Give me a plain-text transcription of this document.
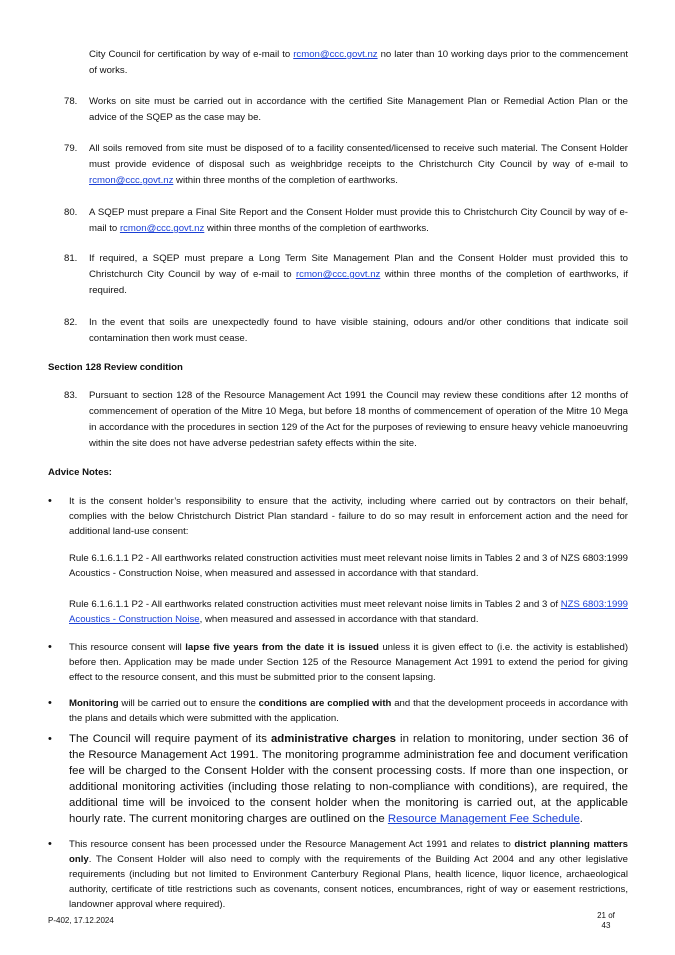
City Council for certification by way of e-mail to rcmon@ccc.govt.nz no later than 10 working days prior to the commencement of works.

78.	Works on site must be carried out in accordance with the certified Site Management Plan or Remedial Action Plan or the advice of the SQEP as the case may be.

79.	All soils removed from site must be disposed of to a facility consented/licensed to receive such material. The Consent Holder must provide evidence of disposal such as weighbridge receipts to the Christchurch City Council by way of e-mail to rcmon@ccc.govt.nz within three months of the completion of earthworks.

80.	A SQEP must prepare a Final Site Report and the Consent Holder must provide this to Christchurch City Council by way of e-mail to rcmon@ccc.govt.nz within three months of the completion of earthworks.

81.	If required, a SQEP must prepare a Long Term Site Management Plan and the Consent Holder must provided this to Christchurch City Council by way of e-mail to rcmon@ccc.govt.nz within three months of the completion of earthworks, if required.

82.	In the event that soils are unexpectedly found to have visible staining, odours and/or other conditions that indicate soil contamination then work must cease.

Section 128 Review condition
83.	Pursuant to section 128 of the Resource Management Act 1991 the Council may review these conditions after 12 months of commencement of operation of the Mitre 10 Mega, but before 18 months of commencement of operation of the Mitre 10 Mega in accordance with the procedures in section 129 of the Act for the purposes of reviewing to ensure heavy vehicle manoeuvring within the site does not have adverse pedestrian safety effects within the site.

Advice Notes:
• It is the consent holder’s responsibility to ensure that the activity, including where carried out by contractors on their behalf, complies with the below Christchurch District Plan standard - failure to do so may result in enforcement action and the need for additional land-use consent:

Rule 6.1.6.1.1 P2 - All earthworks related construction activities must meet relevant noise limits in Tables 2 and 3 of NZS 6803:1999 Acoustics - Construction Noise, when measured and assessed in accordance with that standard.

Rule 6.1.6.1.1 P2 - All earthworks related construction activities must meet relevant noise limits in Tables 2 and 3 of NZS 6803:1999 Acoustics - Construction Noise, when measured and assessed in accordance with that standard.

• This resource consent will lapse five years from the date it is issued unless it is given effect to (i.e. the activity is established) before then. Application may be made under Section 125 of the Resource Management Act 1991 to extend the period for giving effect to the resource consent, and this must be submitted prior to the consent lapsing.

• Monitoring will be carried out to ensure the conditions are complied with and that the development proceeds in accordance with the plans and details which were submitted with the application.

• The Council will require payment of its administrative charges in relation to monitoring, under section 36 of the Resource Management Act 1991. The monitoring programme administration fee and document verification fee will be charged to the Consent Holder with the consent processing costs. If more than one inspection, or additional monitoring activities (including those relating to non-compliance with conditions), are required, the additional time will be invoiced to the consent holder when the monitoring is carried out, at the applicable hourly rate. The current monitoring charges are outlined on the Resource Management Fee Schedule.

• This resource consent has been processed under the Resource Management Act 1991 and relates to district planning matters only. The Consent Holder will also need to comply with the requirements of the Building Act 2004 and any other legislative requirements (including but not limited to Environment Canterbury Regional Plans, health licence, liquor licence, archaeological authority, certificate of title restrictions such as covenants, consent notices, encumbrances, right of way or easement restrictions, landowner approval where required).

P-402, 17.12.2024
21 of
43
